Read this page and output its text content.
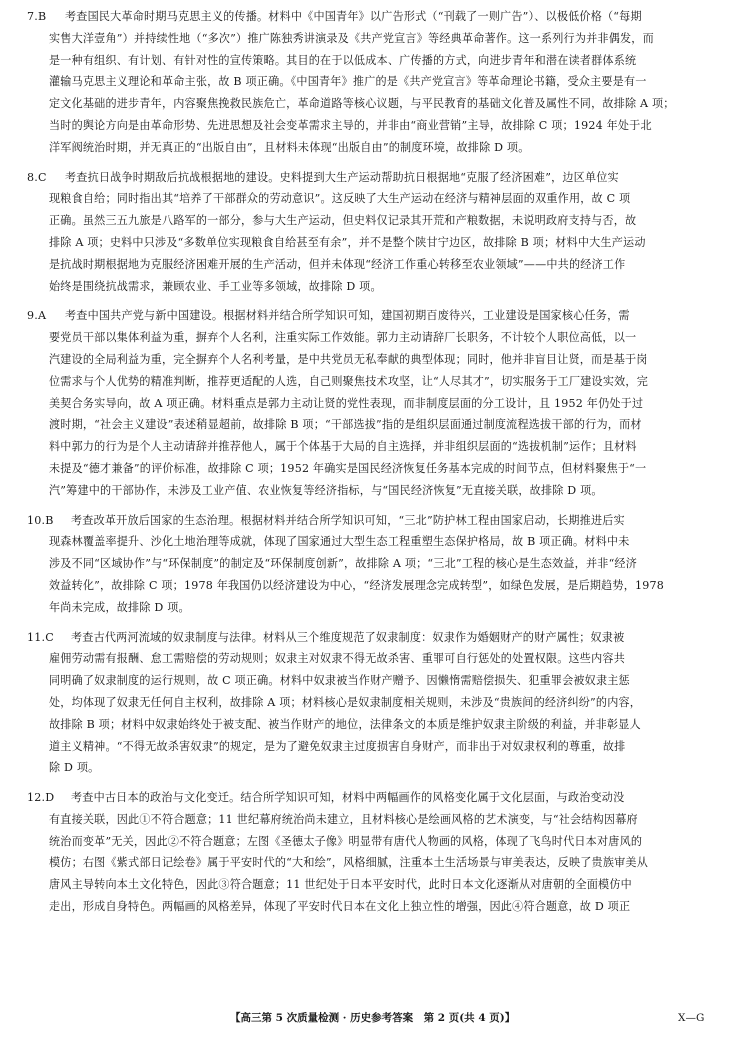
7.B	考查国民大革命时期马克思主义的传播。材料中《中国青年》以广告形式（“刊载了一则广告”）、以极低价格（“每期
实售大洋壹角”）并持续性地（“多次”）推广陈独秀讲演录及《共产党宣言》等经典革命著作。这一系列行为并非偶发，而
是一种有组织、有计划、有针对性的宣传策略。其目的在于以低成本、广传播的方式，向进步青年和潜在读者群体系统
灌输马克思主义理论和革命主张，故 B 项正确。《中国青年》推广的是《共产党宣言》等革命理论书籍，受众主要是有一
定文化基础的进步青年，内容聚焦挽救民族危亡，革命道路等核心议题，与平民教育的基础文化普及属性不同，故排除 A 项；
当时的舆论方向是由革命形势、先进思想及社会变革需求主导的，并非由“商业营销”主导，故排除 C 项；1924 年处于北
洋军阀统治时期，并无真正的“出版自由”，且材料未体现“出版自由”的制度环境，故排除 D 项。
8.C	考查抗日战争时期敌后抗战根据地的建设。史料提到大生产运动帮助抗日根据地“克服了经济困难”，边区单位实
现粮食自给；同时指出其“培养了干部群众的劳动意识”。这反映了大生产运动在经济与精神层面的双重作用，故 C 项
正确。虽然三五九旅是八路军的一部分，参与大生产运动，但史料仅记录其开荒和产粮数据，未说明政府支持与否，故
排除 A 项；史料中只涉及“多数单位实现粮食自给甚至有余”，并不是整个陕甘宁边区，故排除 B 项；材料中大生产运动
是抗战时期根据地为克服经济困难开展的生产活动，但并未体现“经济工作重心转移至农业领域”——中共的经济工作
始终是围绕抗战需求，兼顾农业、手工业等多领域，故排除 D 项。
9.A	考查中国共产党与新中国建设。根据材料并结合所学知识可知，建国初期百废待兴，工业建设是国家核心任务，需
要党员干部以集体利益为重，摒弃个人名利，注重实际工作效能。郭力主动请辞厂长职务，不计较个人职位高低，以一
汽建设的全局利益为重，完全摒弃个人名利考量，是中共党员无私奉献的典型体现；同时，他并非盲目让贤，而是基于岗
位需求与个人优势的精准判断，推荐更适配的人选，自己则聚焦技术攻坚，让“人尽其才”，切实服务于工厂建设实效，完
美契合务实导向，故 A 项正确。材料重点是郭力主动让贤的党性表现，而非制度层面的分工设计，且 1952 年仍处于过
渡时期，“社会主义建设”表述稍显超前，故排除 B 项；“干部选拔”指的是组织层面通过制度流程选拔干部的行为，而材
料中郭力的行为是个人主动请辞并推荐他人，属于个体基于大局的自主选择，并非组织层面的“选拔机制”运作；且材料
未提及“德才兼备”的评价标准，故排除 C 项；1952 年确实是国民经济恢复任务基本完成的时间节点，但材料聚焦于“一
汽”筹建中的干部协作，未涉及工业产值、农业恢复等经济指标，与“国民经济恢复”无直接关联，故排除 D 项。
10.B	考查改革开放后国家的生态治理。根据材料并结合所学知识可知，“三北”防护林工程由国家启动，长期推进后实
现森林覆盖率提升、沙化土地治理等成就，体现了国家通过大型生态工程重塑生态保护格局，故 B 项正确。材料中未
涉及不同“区域协作”与“环保制度”的制定及“环保制度创新”，故排除 A 项；“三北”工程的核心是生态效益，并非“经济
效益转化”，故排除 C 项；1978 年我国仍以经济建设为中心，“经济发展理念完成转型”，如绿色发展，是后期趋势，1978
年尚未完成，故排除 D 项。
11.C	考查古代两河流域的奴隶制度与法律。材料从三个维度规范了奴隶制度：奴隶作为婚姻财产的财产属性；奴隶被
雇佣劳动需有报酬、怠工需赔偿的劳动规则；奴隶主对奴隶不得无故杀害、重罪可自行惩处的处置权限。这些内容共
同明确了奴隶制度的运行规则，故 C 项正确。材料中奴隶被当作财产赠予、因懒惰需赔偿损失、犯重罪会被奴隶主惩
处，均体现了奴隶无任何自主权利，故排除 A 项；材料核心是奴隶制度相关规则，未涉及“贵族间的经济纠纷”的内容，
故排除 B 项；材料中奴隶始终处于被支配、被当作财产的地位，法律条文的本质是维护奴隶主阶级的利益，并非彰显人
道主义精神。“不得无故杀害奴隶”的规定，是为了避免奴隶主过度损害自身财产，而非出于对奴隶权利的尊重，故排
除 D 项。
12.D	考查中古日本的政治与文化变迁。结合所学知识可知，材料中两幅画作的风格变化属于文化层面，与政治变动没
有直接关联，因此①不符合题意；11 世纪幕府统治尚未建立，且材料核心是绘画风格的艺术演变，与“社会结构因幕府
统治而变革”无关，因此②不符合题意；左图《圣德太子像》明显带有唐代人物画的风格，体现了飞鸟时代日本对唐风的
模仿；右图《紫式部日记绘卷》属于平安时代的“大和绘”，风格细腻，注重本土生活场景与审美表达，反映了贵族审美从
唐风主导转向本土文化特色，因此③符合题意；11 世纪处于日本平安时代，此时日本文化逐渐从对唐朝的全面模仿中
走出，形成自身特色。两幅画的风格差异，体现了平安时代日本在文化上独立性的增强，因此④符合题意，故 D 项正
【高三第 5 次质量检测 · 历史参考答案　第 2 页(共 4 页)】	X—G
